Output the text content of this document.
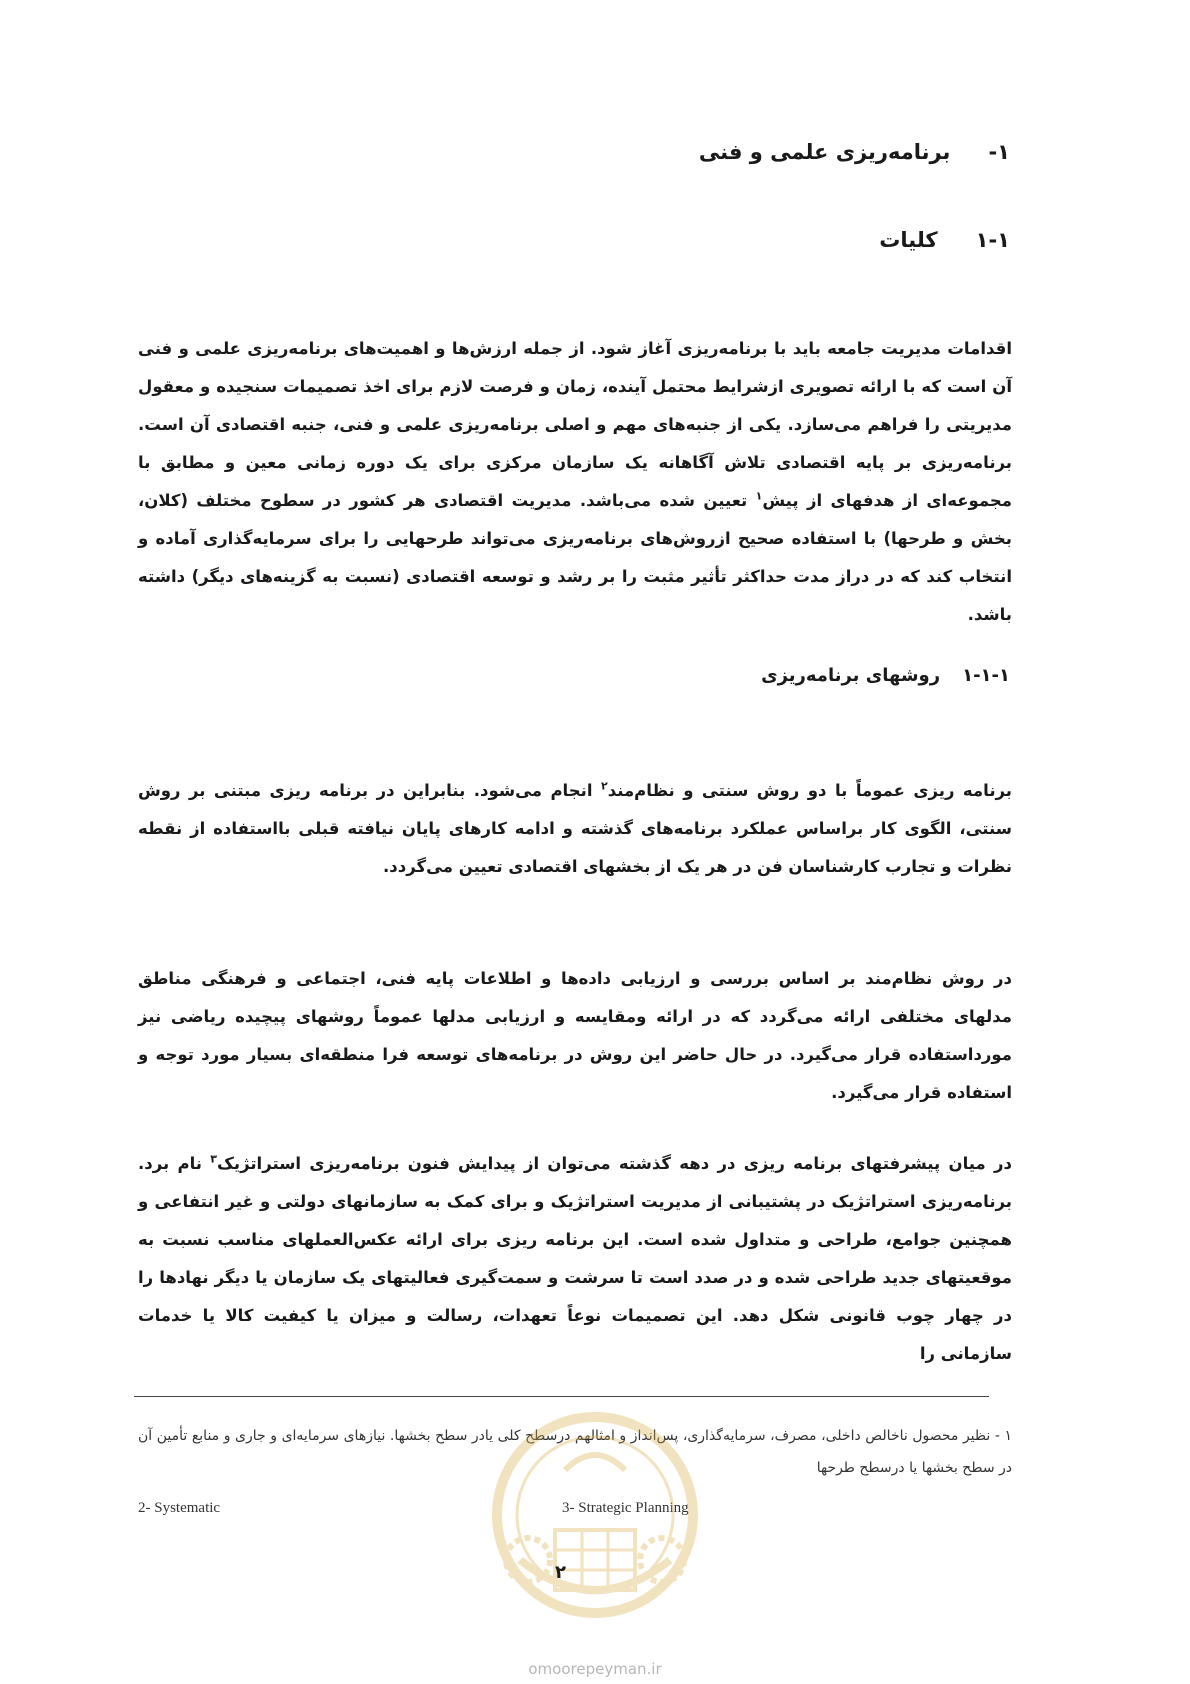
۱-برنامه‌ریزی علمی و فنی
۱-۱کلیات

اقدامات مدیریت جامعه باید با برنامه‌ریزی آغاز شود. از جمله ارزش‌ها و اهمیت‌های برنامه‌ریزی علمی و فنی آن است که با ارائه تصویری ازشرایط محتمل آینده، زمان و فرصت لازم برای اخذ تصمیمات سنجیده و معقول مدیریتی را فراهم می‌سازد. یکی از جنبه‌های مهم و اصلی برنامه‌ریزی علمی و فنی، جنبه اقتصادی آن است. برنامه‌ریزی بر پایه اقتصادی تلاش آگاهانه یک سازمان مرکزی برای یک دوره زمانی معین و مطابق با مجموعه‌ای از هدفهای از پیش$^۱$ تعیین شده می‌باشد. مدیریت اقتصادی هر کشور در سطوح مختلف (کلان، بخش و طرحها) با استفاده صحیح ازروش‌های برنامه‌ریزی می‌تواند طرحهایی را برای سرمایه‌گذاری آماده و انتخاب کند که در دراز مدت حداکثر تأثیر مثبت را بر رشد و توسعه اقتصادی (نسبت به گزینه‌های دیگر) داشته باشد.

۱-۱-۱روشهای برنامه‌ریزی

برنامه ریزی عموماً با دو روش سنتی و نظام‌مند$^۲$ انجام می‌شود. بنابراین در برنامه ریزی مبتنی بر روش سنتی، الگوی کار براساس عملکرد برنامه‌های گذشته و ادامه کارهای پایان نیافته قبلی بااستفاده از نقطه نظرات و تجارب کارشناسان فن در هر یک از بخشهای اقتصادی تعیین می‌گردد.

در روش نظام‌مند بر اساس بررسی و ارزیابی داده‌ها و اطلاعات پایه فنی، اجتماعی و فرهنگی مناطق مدلهای مختلفی ارائه می‌گردد که در ارائه ومقایسه و ارزیابی مدلها عموماً روشهای پیچیده ریاضی نیز مورداستفاده قرار می‌گیرد. در حال حاضر این روش در برنامه‌های توسعه فرا منطقه‌ای بسیار مورد توجه و استفاده قرار می‌گیرد.

در میان پیشرفتهای برنامه ریزی در دهه گذشته می‌توان از پیدایش فنون برنامه‌ریزی استراتژیک$^۳$ نام برد. برنامه‌ریزی استراتژیک در پشتیبانی از مدیریت استراتژیک و برای کمک به سازمانهای دولتی و غیر انتفاعی و همچنین جوامع، طراحی و متداول شده است. این برنامه ریزی برای ارائه عکس‌العملهای مناسب نسبت به موقعیتهای جدید طراحی شده و در صدد است تا سرشت و سمت‌گیری فعالیتهای یک سازمان یا دیگر نهادها را در چهار چوب قانونی شکل دهد. این تصمیمات نوعاً تعهدات، رسالت و میزان یا کیفیت کالا یا خدمات سازمانی را

۱ - نظیر محصول ناخالص داخلی، مصرف، سرمایه‌گذاری، پس‌انداز و امثالهم درسطح کلی یادر سطح بخشها. نیازهای سرمایه‌ای و جاری و منابع تأمین آن در سطح بخشها یا درسطح طرحها
2- Systematic	3- Strategic Planning
۲
omoorepeyman.ir
